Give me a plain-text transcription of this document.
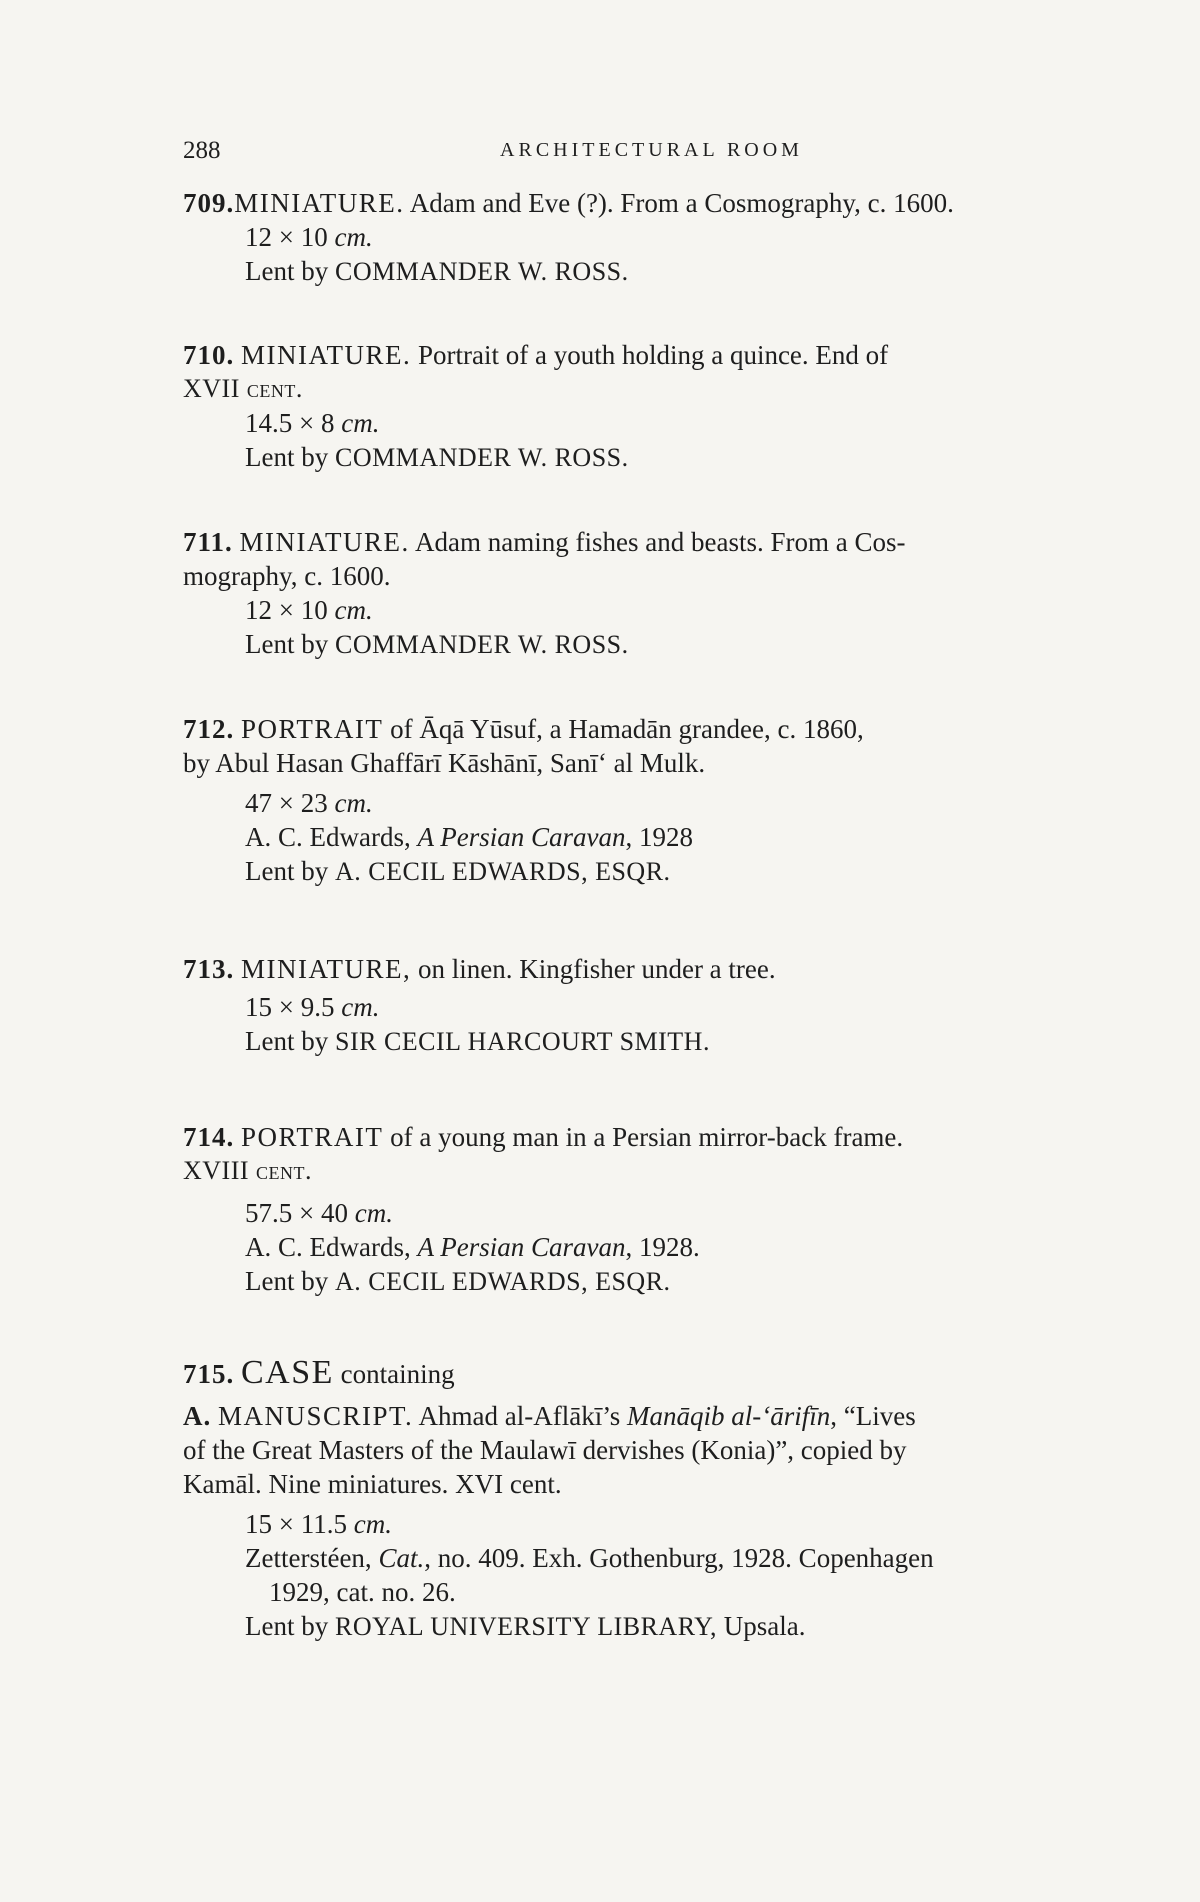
288	ARCHITECTURAL ROOM

709.MINIATURE. Adam and Eve (?). From a Cosmography, c. 1600.

12 × 10 cm.

Lent by COMMANDER W. ROSS.

710. MINIATURE. Portrait of a youth holding a quince. End of

XVII cent.

14.5 × 8 cm.

Lent by COMMANDER W. ROSS.

711. MINIATURE. Adam naming fishes and beasts. From a Cos-

mography, c. 1600.

12 × 10 cm.

Lent by COMMANDER W. ROSS.

712. PORTRAIT of Āqā Yūsuf, a Hamadān grandee, c. 1860,

by Abul Hasan Ghaffārī Kāshānī, Sanī‘ al Mulk.

47 × 23 cm.

A. C. Edwards, A Persian Caravan, 1928

Lent by A. CECIL EDWARDS, ESQR.

713. MINIATURE, on linen. Kingfisher under a tree.

15 × 9.5 cm.

Lent by SIR CECIL HARCOURT SMITH.

714. PORTRAIT of a young man in a Persian mirror-back frame.

XVIII cent.

57.5 × 40 cm.

A. C. Edwards, A Persian Caravan, 1928.

Lent by A. CECIL EDWARDS, ESQR.

715. CASE containing

A. MANUSCRIPT. Ahmad al-Aflākī’s Manāqib al-‘ārifīn, “Lives

of the Great Masters of the Maulawī dervishes (Konia)”, copied by

Kamāl. Nine miniatures. XVI cent.

15 × 11.5 cm.

Zetterstéen, Cat., no. 409. Exh. Gothenburg, 1928. Copenhagen

1929, cat. no. 26.

Lent by ROYAL UNIVERSITY LIBRARY, Upsala.
